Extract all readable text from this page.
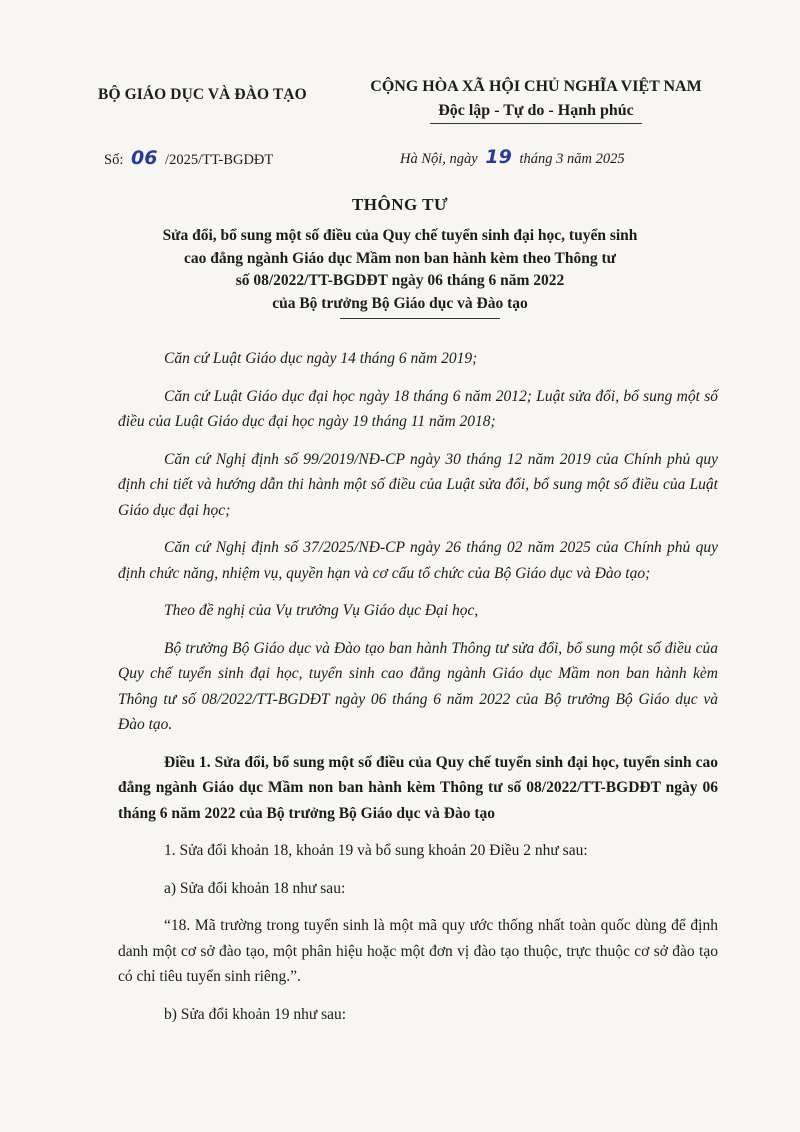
BỘ GIÁO DỤC VÀ ĐÀO TẠO	CỘNG HÒA XÃ HỘI CHỦ NGHĨA VIỆT NAM
Độc lập - Tự do - Hạnh phúc
Số: 06 /2025/TT-BGDĐT	Hà Nội, ngày 19 tháng 3 năm 2025
THÔNG TƯ
Sửa đổi, bổ sung một số điều của Quy chế tuyển sinh đại học, tuyển sinh
cao đẳng ngành Giáo dục Mầm non ban hành kèm theo Thông tư
số 08/2022/TT-BGDĐT ngày 06 tháng 6 năm 2022
của Bộ trưởng Bộ Giáo dục và Đào tạo

Căn cứ Luật Giáo dục ngày 14 tháng 6 năm 2019;

Căn cứ Luật Giáo dục đại học ngày 18 tháng 6 năm 2012; Luật sửa đổi, bổ sung một số điều của Luật Giáo dục đại học ngày 19 tháng 11 năm 2018;

Căn cứ Nghị định số 99/2019/NĐ-CP ngày 30 tháng 12 năm 2019 của Chính phủ quy định chi tiết và hướng dẫn thi hành một số điều của Luật sửa đổi, bổ sung một số điều của Luật Giáo dục đại học;

Căn cứ Nghị định số 37/2025/NĐ-CP ngày 26 tháng 02 năm 2025 của Chính phủ quy định chức năng, nhiệm vụ, quyền hạn và cơ cấu tổ chức của Bộ Giáo dục và Đào tạo;

Theo đề nghị của Vụ trưởng Vụ Giáo dục Đại học,

Bộ trưởng Bộ Giáo dục và Đào tạo ban hành Thông tư sửa đổi, bổ sung một số điều của Quy chế tuyển sinh đại học, tuyển sinh cao đẳng ngành Giáo dục Mầm non ban hành kèm Thông tư số 08/2022/TT-BGDĐT ngày 06 tháng 6 năm 2022 của Bộ trưởng Bộ Giáo dục và Đào tạo.

Điều 1. Sửa đổi, bổ sung một số điều của Quy chế tuyển sinh đại học, tuyển sinh cao đẳng ngành Giáo dục Mầm non ban hành kèm Thông tư số 08/2022/TT-BGDĐT ngày 06 tháng 6 năm 2022 của Bộ trưởng Bộ Giáo dục và Đào tạo

1. Sửa đổi khoản 18, khoản 19 và bổ sung khoản 20 Điều 2 như sau:

a) Sửa đổi khoản 18 như sau:

“18. Mã trường trong tuyển sinh là một mã quy ước thống nhất toàn quốc dùng để định danh một cơ sở đào tạo, một phân hiệu hoặc một đơn vị đào tạo thuộc, trực thuộc cơ sở đào tạo có chỉ tiêu tuyển sinh riêng.”.

b) Sửa đổi khoản 19 như sau:
